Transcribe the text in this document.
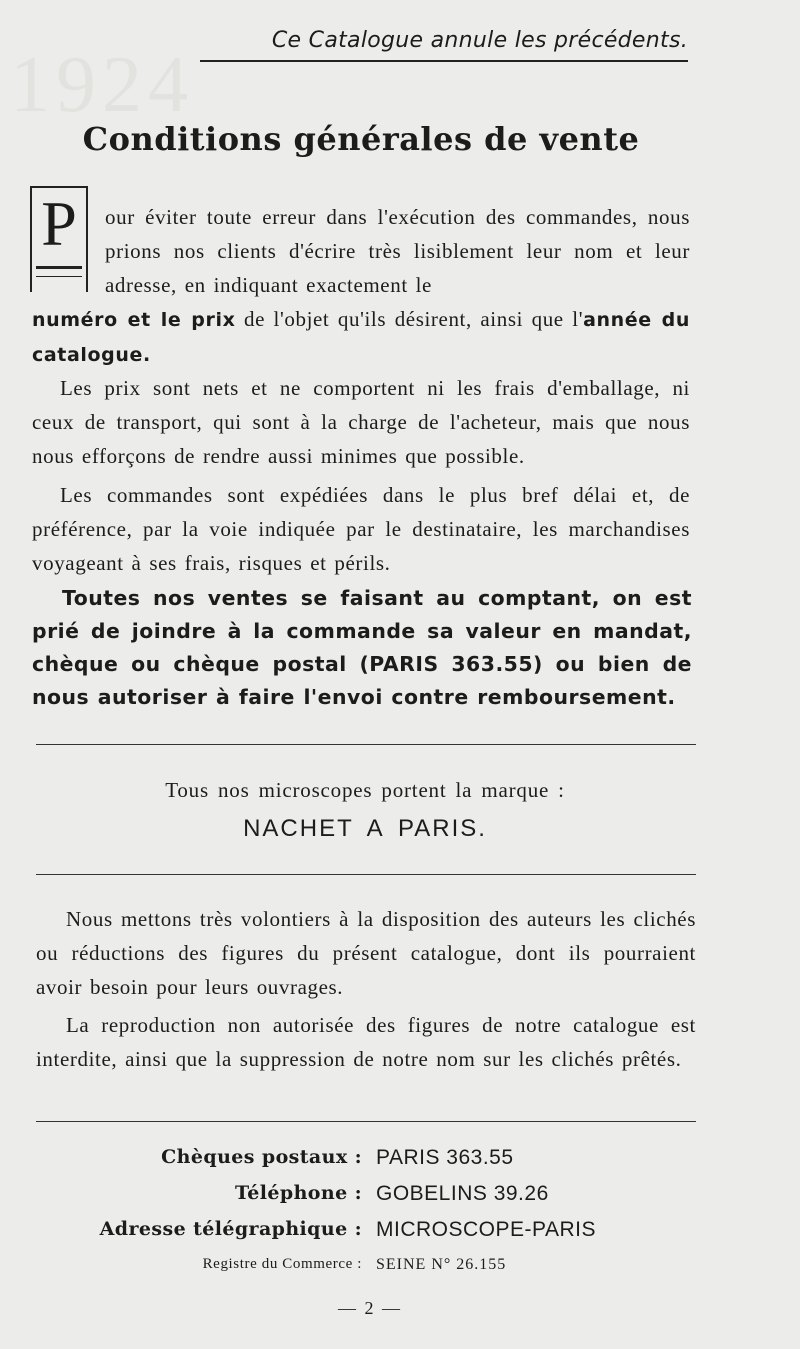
1924
Ce Catalogue annule les précédents.
Conditions générales de vente
P	our éviter toute erreur dans l'exécution des commandes, nous prions nos clients d'écrire très lisiblement leur nom et leur adresse, en indiquant exactement le
numéro et le prix de l'objet qu'ils désirent, ainsi que l'année du catalogue.
Les prix sont nets et ne comportent ni les frais d'emballage, ni ceux de transport, qui sont à la charge de l'acheteur, mais que nous nous efforçons de rendre aussi minimes que possible.
Les commandes sont expédiées dans le plus bref délai et, de préférence, par la voie indiquée par le destinataire, les marchandises voyageant à ses frais, risques et périls.
Toutes nos ventes se faisant au comptant, on est prié de joindre à la commande sa valeur en mandat, chèque ou chèque postal (PARIS 363.55) ou bien de nous autoriser à faire l'envoi contre remboursement.
Tous nos microscopes portent la marque :
NACHET A PARIS.
Nous mettons très volontiers à la disposition des auteurs les clichés ou réductions des figures du présent catalogue, dont ils pourraient avoir besoin pour leurs ouvrages.
La reproduction non autorisée des figures de notre catalogue est interdite, ainsi que la suppression de notre nom sur les clichés prêtés.
Chèques postaux : PARIS 363.55
Téléphone : GOBELINS 39.26
Adresse télégraphique : MICROSCOPE-PARIS
Registre du Commerce : SEINE N° 26.155
— 2 —
